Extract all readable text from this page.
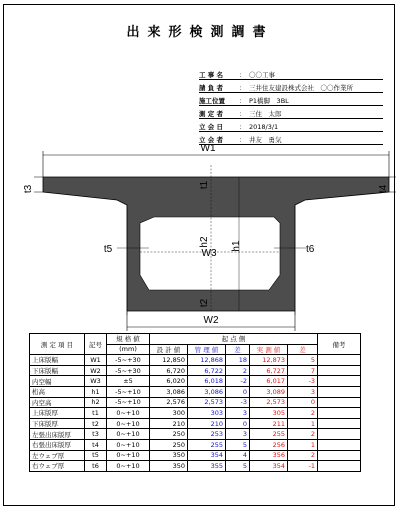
出来形検測調書
工 事 名	： 〇〇工事
請 負 者	： 三井住友建設株式会社　〇〇作業所
施工位置	： P1橋脚　3BL
測 定 者	： 三住　太郎
立 会 日	： 2018/3/1
立 会 者	： 井友　勇気
W1
t3	t4
t1
h2
t2
W3
h1
t5	t6
W2
測 定 項 目	記号	規 格 値	起 点 側					備考
		(mm)	設 計 値	管 理 値	差	実 測 値	差	
上床版幅	W1	-5~+30	12,850	12,868	18	12,873	5	
下床版幅	W2	-5~+30	6,720	6,722	2	6,727	7	
内空幅	W3	±5	6,020	6,018	-2	6,017	-3	
桁高	h1	-5~+10	3,086	3,086	0	3,089	3	
内空高	h2	-5~+10	2,576	2,573	-3	2,573	0	
上床版厚	t1	0~+10	300	303	3	305	2	
下床版厚	t2	0~+10	210	210	0	211	1	
左張出床版厚	t3	0~+10	250	253	3	255	2	
右張出床版厚	t4	0~+10	250	255	5	256	1	
左ウェブ厚	t5	0~+10	350	354	4	356	2	
右ウェブ厚	t6	0~+10	350	355	5	354	-1	
